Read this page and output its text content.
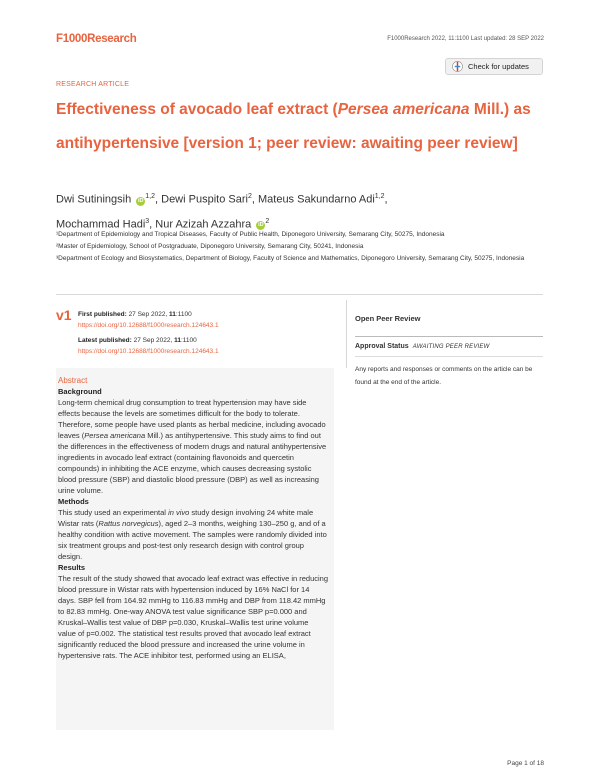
F1000Research	F1000Research 2022, 11:1100 Last updated: 28 SEP 2022
RESEARCH ARTICLE
Check for updates
Effectiveness of avocado leaf extract (Persea americana Mill.) as antihypertensive [version 1; peer review: awaiting peer review]
Dwi Sutiningsih iD$^{1,2}$, Dewi Puspito Sari$^2$, Mateus Sakundarno Adi$^{1,2}$,
Mochammad Hadi$^3$, Nur Azizah Azzahra $iD^2$
¹Department of Epidemiology and Tropical Diseases, Faculty of Public Health, Diponegoro University, Semarang City, 50275, Indonesia
²Master of Epidemiology, School of Postgraduate, Diponegoro University, Semarang City, 50241, Indonesia
³Department of Ecology and Biosystematics, Department of Biology, Faculty of Science and Mathematics, Diponegoro University, Semarang City, 50275, Indonesia
v1 First published: 27 Sep 2022, 11:1100
https://doi.org/10.12688/f1000research.124643.1
Latest published: 27 Sep 2022, 11:1100
https://doi.org/10.12688/f1000research.124643.1
Open Peer Review
Approval Status AWAITING PEER REVIEW
Any reports and responses or comments on the article can be found at the end of the article.
Abstract
Background

Long-term chemical drug consumption to treat hypertension may have side effects because the levels are sometimes difficult for the body to tolerate. Therefore, some people have used plants as herbal medicine, including avocado leaves (Persea americana Mill.) as antihypertensive. This study aims to find out the differences in the effectiveness of modern drugs and natural antihypertensive ingredients in avocado leaf extract (containing flavonoids and quercetin compounds) in inhibiting the ACE enzyme, which causes decreasing systolic blood pressure (SBP) and diastolic blood pressure (DBP) as well as increasing urine volume.

Methods

This study used an experimental in vivo study design involving 24 white male Wistar rats (Rattus norvegicus), aged 2–3 months, weighing 130–250 g, and of a healthy condition with active movement. The samples were randomly divided into six treatment groups and post-test only research design with control group design.

Results

The result of the study showed that avocado leaf extract was effective in reducing blood pressure in Wistar rats with hypertension induced by 16% NaCl for 14 days. SBP fell from 164.92 mmHg to 116.83 mmHg and DBP from 118.42 mmHg to 82.83 mmHg. One-way ANOVA test value significance SBP p=0.000 and Kruskal–Wallis test value of DBP p=0.030, Kruskal–Wallis test urine volume value of p=0.002. The statistical test results proved that avocado leaf extract significantly reduced the blood pressure and increased the urine volume in hypertensive rats. The ACE inhibitor test, performed using an ELISA,

Page 1 of 18
